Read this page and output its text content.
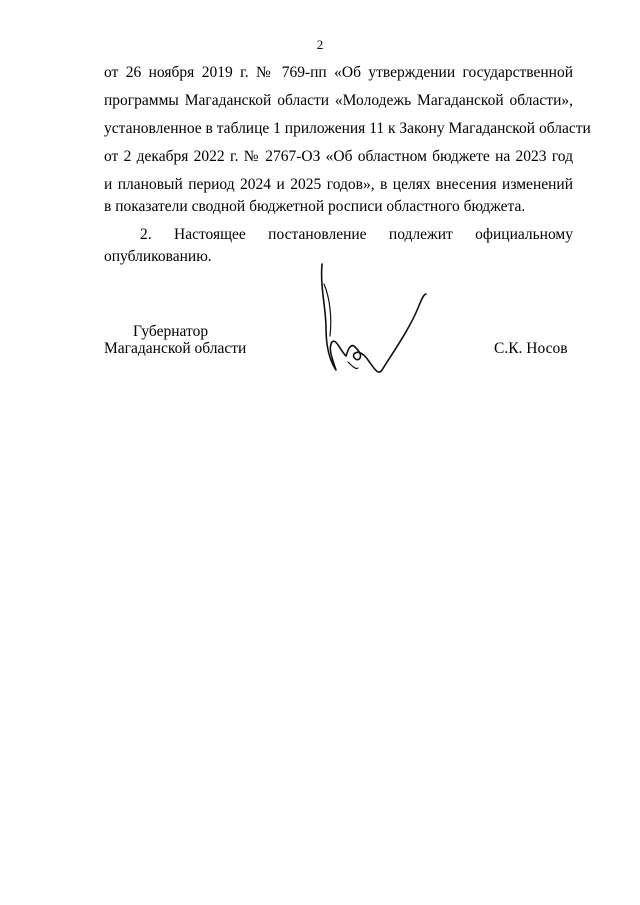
2
от 26 ноября 2019 г. № 769-пп «Об утверждении государственной
программы Магаданской области «Молодежь Магаданской области»,
установленное в таблице 1 приложения 11 к Закону Магаданской области
от 2 декабря 2022 г. № 2767-ОЗ «Об областном бюджете на 2023 год
и плановый период 2024 и 2025 годов», в целях внесения изменений
в показатели сводной бюджетной росписи областного бюджета.
2. Настоящее постановление подлежит официальному
опубликованию.
Губернатор
Магаданской области	С.К. Носов
